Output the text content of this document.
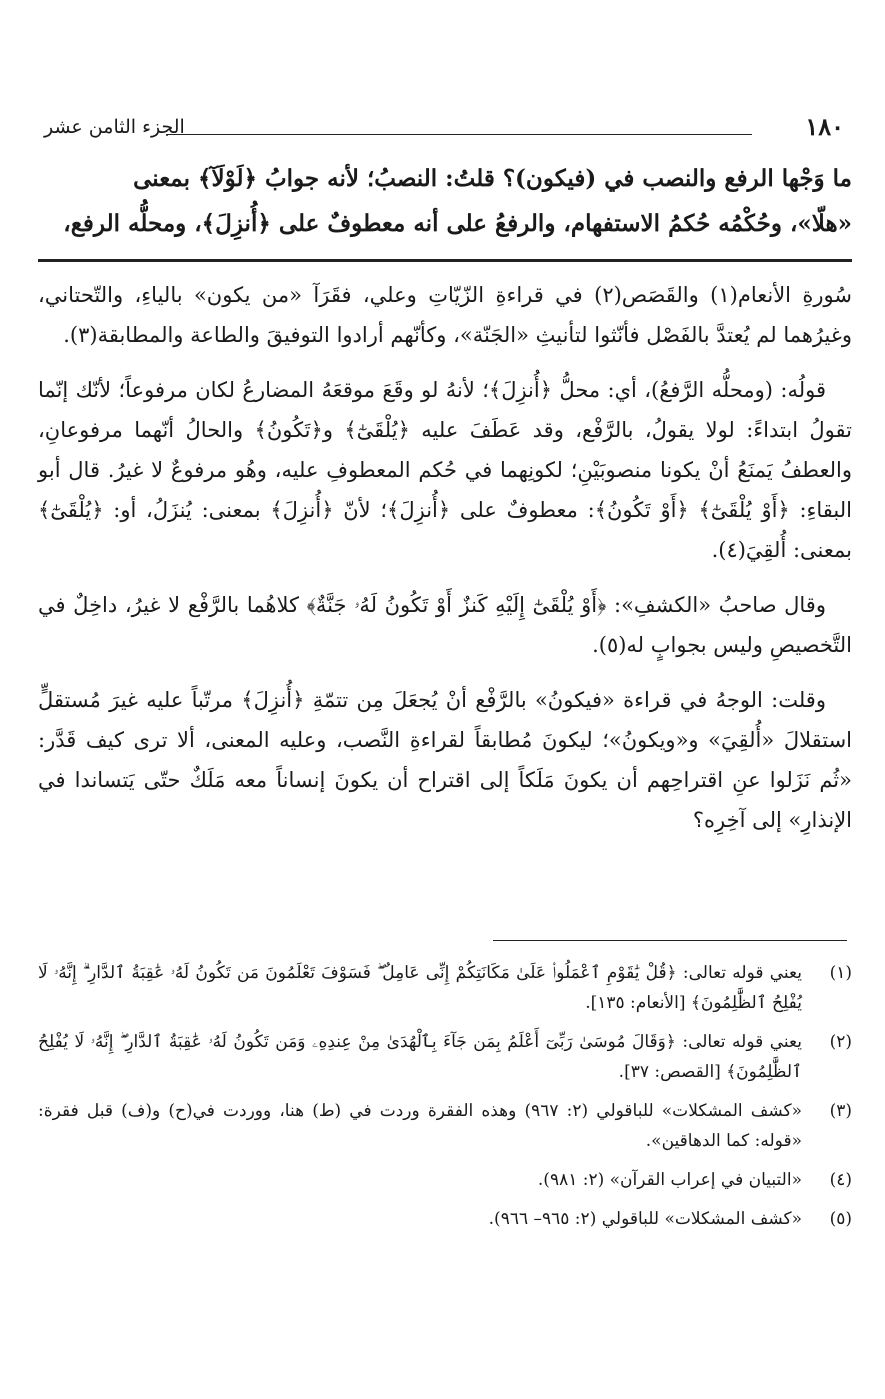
١٨٠
الجزء الثامن عشر
ما وَجْها الرفع والنصب في (فيكون)؟ قلتُ: النصبُ؛ لأنه جوابُ ﴿لَوْلَآ﴾ بمعنى
«هلّا»، وحُكْمُه حُكمُ الاستفهام، والرفعُ على أنه معطوفٌ على ﴿أُنزِلَ﴾، ومحلُّه الرفع،

سُورةِ الأنعام(١) والقَصَص(٢) في قراءةِ الزّيّاتِ وعلي، فقَرَآ «من يكون» بالياءِ، والتّحتاني، وغيرُهما لم يُعتدَّ بالفَصْل فأنّثوا لتأنيثِ «الجَنّة»، وكأنّهم أرادوا التوفيقَ والطاعة والمطابقة(٣).

قولُه: (ومحلُّه الرَّفعُ)، أي: محلُّ ﴿أُنزِلَ﴾؛ لأنهُ لو وقَعَ موقعَهُ المضارعُ لكان مرفوعاً؛ لأنّك إنّما تقولُ ابتداءً: لولا يقولُ، بالرَّفْع، وقد عَطَفَ عليه ﴿يُلْقَىٰٓ﴾ و﴿تَكُونُ﴾ والحالُ أنّهما مرفوعانِ، والعطفُ يَمنَعُ أنْ يكونا منصوبَيْنِ؛ لكونِهما في حُكم المعطوفِ عليه، وهُو مرفوعٌ لا غيرُ. قال أبو البقاءِ: ﴿أَوْ يُلْقَىٰٓ﴾ ﴿أَوْ تَكُونُ﴾: معطوفٌ على ﴿أُنزِلَ﴾؛ لأنّ ﴿أُنزِلَ﴾ بمعنى: يُنزَلُ، أو: ﴿يُلْقَىٰٓ﴾ بمعنى: أُلقِيَ(٤).

وقال صاحبُ «الكشفِ»: ﴿أَوْ يُلْقَىٰٓ إِلَيْهِ كَنزٌ أَوْ تَكُونُ لَهُۥ جَنَّةٌ﴾ كلاهُما بالرَّفْع لا غيرُ، داخِلٌ في التَّخصيصِ وليس بجوابٍ له(٥).

وقلت: الوجهُ في قراءة «فيكونُ» بالرَّفْع أنْ يُجعَلَ مِن تتمّةِ ﴿أُنزِلَ﴾ مرتّباً عليه غيرَ مُستقلٍّ استقلالَ «أُلقِيَ» و«ويكونُ»؛ ليكونَ مُطابقاً لقراءةِ النَّصب، وعليه المعنى، ألا ترى كيف قَدَّر: «ثُم نَزَلوا عنِ اقتراحِهم أن يكونَ مَلَكاً إلى اقتراح أن يكونَ إنساناً معه مَلَكٌ حتّى يَتساندا في الإنذارِ» إلى آخِرِه؟

(١)
يعني قوله تعالى: ﴿قُلْ يَٰقَوْمِ ٱعْمَلُوا۟ عَلَىٰ مَكَانَتِكُمْ إِنِّى عَامِلٌ ۖ فَسَوْفَ تَعْلَمُونَ مَن تَكُونُ لَهُۥ عَٰقِبَةُ ٱلدَّارِ ۗ إِنَّهُۥ لَا يُفْلِحُ ٱلظَّٰلِمُونَ﴾ [الأنعام: ١٣٥].
(٢)
يعني قوله تعالى: ﴿وَقَالَ مُوسَىٰ رَبِّىٓ أَعْلَمُ بِمَن جَآءَ بِٱلْهُدَىٰ مِنْ عِندِهِۦ وَمَن تَكُونُ لَهُۥ عَٰقِبَةُ ٱلدَّارِ ۖ إِنَّهُۥ لَا يُفْلِحُ ٱلظَّٰلِمُونَ﴾ [القصص: ٣٧].
(٣)
«كشف المشكلات» للباقولي (٢: ٩٦٧) وهذه الفقرة وردت في (ط) هنا، ووردت في(ح) و(ف) قبل فقرة: «قوله: كما الدهاقين».
(٤)
«التبيان في إعراب القرآن» (٢: ٩٨١).
(٥)
«كشف المشكلات» للباقولي (٢: ٩٦٥– ٩٦٦).
